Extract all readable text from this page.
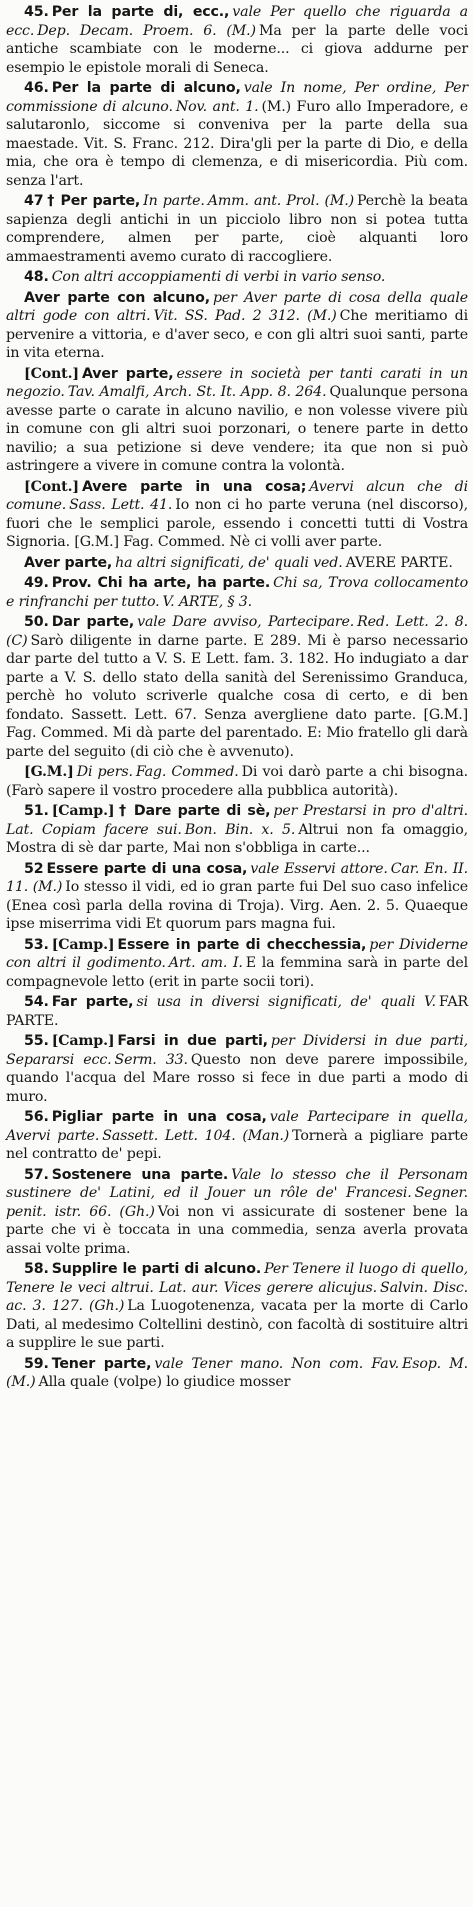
45. Per la parte di, ecc., vale Per quello che riguarda a ecc. Dep. Decam. Proem. 6. (M.) Ma per la parte delle voci antiche scambiate con le moderne... ci giova addurne per esempio le epistole morali di Seneca.

46. Per la parte di alcuno, vale In nome, Per ordine, Per commissione di alcuno. Nov. ant. 1. (M.) Furo allo Imperadore, e salutaronlo, siccome si conveniva per la parte della sua maestade. Vit. S. Franc. 212. Dira'gli per la parte di Dio, e della mia, che ora è tempo di clemenza, e di misericordia. Più com. senza l'art.

47 † Per parte, In parte. Amm. ant. Prol. (M.) Perchè la beata sapienza degli antichi in un picciolo libro non si potea tutta comprendere, almen per parte, cioè alquanti loro ammaestramenti avemo curato di raccogliere.

48. Con altri accoppiamenti di verbi in vario senso.

Aver parte con alcuno, per Aver parte di cosa della quale altri gode con altri. Vit. SS. Pad. 2 312. (M.) Che meritiamo di pervenire a vittoria, e d'aver seco, e con gli altri suoi santi, parte in vita eterna.

[Cont.] Aver parte, essere in società per tanti carati in un negozio. Tav. Amalfi, Arch. St. It. App. 8. 264. Qualunque persona avesse parte o carate in alcuno navilio, e non volesse vivere più in comune con gli altri suoi porzonari, o tenere parte in detto navilio; a sua petizione si deve vendere; ita que non si può astringere a vivere in comune contra la volontà.

[Cont.] Avere parte in una cosa; Avervi alcun che di comune. Sass. Lett. 41. Io non ci ho parte veruna (nel discorso), fuori che le semplici parole, essendo i concetti tutti di Vostra Signoria. [G.M.] Fag. Commed. Nè ci volli aver parte.

Aver parte, ha altri significati, de' quali ved. AVERE PARTE.

49. Prov. Chi ha arte, ha parte. Chi sa, Trova collocamento e rinfranchi per tutto. V. ARTE, § 3.

50. Dar parte, vale Dare avviso, Partecipare. Red. Lett. 2. 8. (C) Sarò diligente in darne parte. E 289. Mi è parso necessario dar parte del tutto a V. S. E Lett. fam. 3. 182. Ho indugiato a dar parte a V. S. dello stato della sanità del Serenissimo Granduca, perchè ho voluto scriverle qualche cosa di certo, e di ben fondato. Sassett. Lett. 67. Senza avergliene dato parte. [G.M.] Fag. Commed. Mi dà parte del parentado. E: Mio fratello gli darà parte del seguito (di ciò che è avvenuto).

[G.M.] Di pers. Fag. Commed. Di voi darò parte a chi bisogna. (Farò sapere il vostro procedere alla pubblica autorità).

51. [Camp.] † Dare parte di sè, per Prestarsi in pro d'altri. Lat. Copiam facere sui. Bon. Bin. x. 5. Altrui non fa omaggio, Mostra di sè dar parte, Mai non s'obbliga in carte...

52 Essere parte di una cosa, vale Esservi attore. Car. En. II. 11. (M.) Io stesso il vidi, ed io gran parte fui Del suo caso infelice (Enea così parla della rovina di Troja). Virg. Aen. 2. 5. Quaeque ipse miserrima vidi Et quorum pars magna fui.

53. [Camp.] Essere in parte di checchessia, per Dividerne con altri il godimento. Art. am. I. E la femmina sarà in parte del compagnevole letto (erit in parte socii tori).

54. Far parte, si usa in diversi significati, de' quali V. FAR PARTE.

55. [Camp.] Farsi in due parti, per Dividersi in due parti, Separarsi ecc. Serm. 33. Questo non deve parere impossibile, quando l'acqua del Mare rosso si fece in due parti a modo di muro.

56. Pigliar parte in una cosa, vale Partecipare in quella, Avervi parte. Sassett. Lett. 104. (Man.) Tornerà a pigliare parte nel contratto de' pepi.

57. Sostenere una parte. Vale lo stesso che il Personam sustinere de' Latini, ed il Jouer un rôle de' Francesi. Segner. penit. istr. 66. (Gh.) Voi non vi assicurate di sostener bene la parte che vi è toccata in una commedia, senza averla provata assai volte prima.

58. Supplire le parti di alcuno. Per Tenere il luogo di quello, Tenere le veci altrui. Lat. aur. Vices gerere alicujus. Salvin. Disc. ac. 3. 127. (Gh.) La Luogotenenza, vacata per la morte di Carlo Dati, al medesimo Coltellini destinò, con facoltà di sostituire altri a supplire le sue parti.

59. Tener parte, vale Tener mano. Non com. Fav. Esop. M. (M.) Alla quale (volpe) lo giudice mosser
